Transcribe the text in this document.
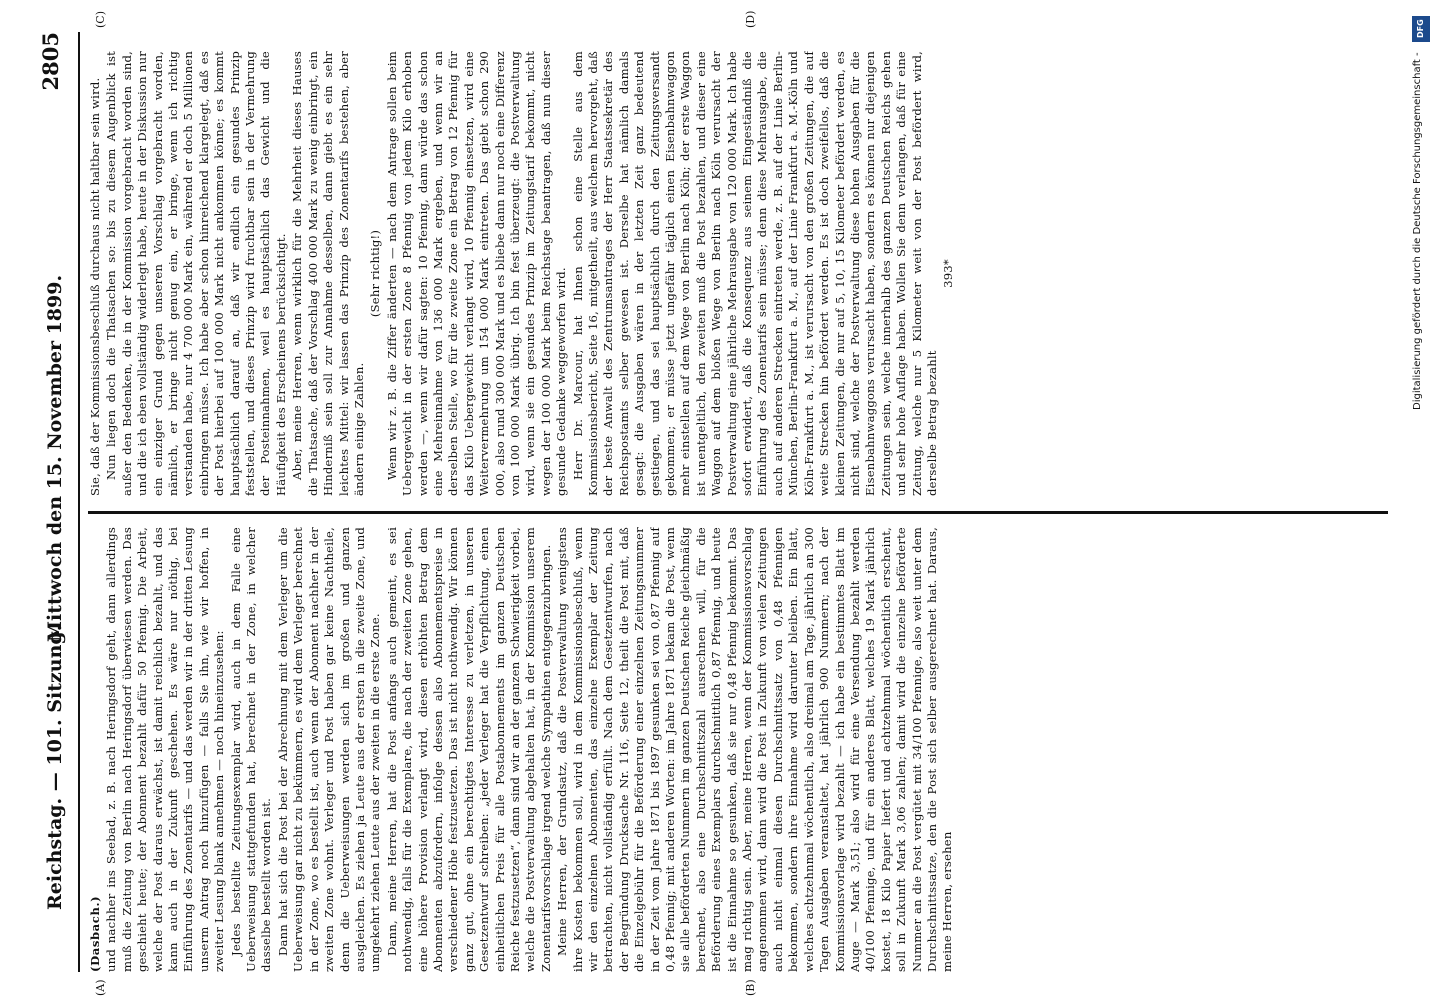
Reichstag. — 101. Sitzung.
Mittwoch den 15. November 1899.
2805

(Dasbach.) und nachher ins Seebad, z. B. nach Heringsdorf geht, dann allerdings muß die Zeitung von Berlin nach Heringsdorf überwiesen werden. Das geschieht heute; der Abonnent bezahlt dafür 50 Pfennig. Die Arbeit, welche der Post daraus erwächst, ist damit reichlich bezahlt, und das kann auch in der Zukunft geschehen. Es wäre nur nöthig, bei Einführung des Zonentarifs — und das werden wir in der dritten Lesung unserm Antrag noch hinzufügen — falls Sie ihn, wie wir hoffen, in zweiter Lesung blank annehmen — noch hineinzusehen: Jedes bestellte Zeitungsexemplar wird, auch in dem Falle eine Ueberweisung stattgefunden hat, berechnet in der Zone, in welcher dasselbe bestellt worden ist. Dann hat sich die Post bei der Abrechnung mit dem Verleger um die Ueberweisung gar nicht zu bekümmern, es wird dem Verleger berechnet in der Zone, wo es bestellt ist, auch wenn der Abonnent nachher in der zweiten Zone wohnt. Verleger und Post haben gar keine Nachtheile, denn die Ueberweisungen werden sich im großen und ganzen ausgleichen. Es ziehen ja Leute aus der ersten in die zweite Zone, und umgekehrt ziehen Leute aus der zweiten in die erste Zone. Dann, meine Herren, hat die Post anfangs auch gemeint, es sei nothwendig, falls für die Exemplare, die nach der zweiten Zone gehen, eine höhere Provision verlangt wird, diesen erhöhten Betrag dem Abonnenten abzufordern, infolge dessen also Abonnementspreise in verschiedener Höhe festzusetzen. Das ist nicht nothwendig. Wir können ganz gut, ohne ein berechtigtes Interesse zu verletzen, in unseren Gesetzentwurf schreiben: „jeder Verleger hat die Verpflichtung, einen einheitlichen Preis für alle Postabonnements im ganzen Deutschen Reiche festzusetzen“, dann sind wir an der ganzen Schwierigkeit vorbei, welche die Postverwaltung abgehalten hat, in der Kommission unserem Zonentarifsvorschlage irgend welche Sympathien entgegenzubringen. Meine Herren, der Grundsatz, daß die Postverwaltung wenigstens ihre Kosten bekommen soll, wird in dem Kommissionsbeschluß, wenn wir den einzelnen Abonnenten, das einzelne Exemplar der Zeitung betrachten, nicht vollständig erfüllt. Nach dem Gesetzentwurfen, nach der Begründung Drucksache Nr. 116, Seite 12, theilt die Post mit, daß die Einzelgebühr für die Beförderung einer einzelnen Zeitungsnummer in der Zeit vom Jahre 1871 bis 1897 gesunken sei von 0,87 Pfennig auf 0,48 Pfennig; mit anderen Worten: im Jahre 1871 bekam die Post, wenn sie alle beförderten Nummern im ganzen Deutschen Reiche gleichmäßig berechnet, also eine Durchschnittszahl ausrechnen will, für die Beförderung eines Exemplars durchschnittlich 0,87 Pfennig, und heute ist die Einnahme so gesunken, daß sie nur 0,48 Pfennig bekommt. Das mag richtig sein. Aber, meine Herren, wenn der Kommissionsvorschlag angenommen wird, dann wird die Post in Zukunft von vielen Zeitungen auch nicht einmal diesen Durchschnittssatz von 0,48 Pfennigen bekommen, sondern ihre Einnahme wird darunter bleiben. Ein Blatt, welches achtzehnmal wöchentlich, also dreimal am Tage, jährlich an 300 Tagen Ausgaben veranstaltet, hat jährlich 900 Nummern; nach der Kommissionsvorlage wird bezahlt — ich habe ein bestimmtes Blatt im Auge — Mark 3,51; also wird für eine Versendung bezahlt werden 40/100 Pfennige, und für ein anderes Blatt, welches 19 Mark jährlich kostet, 18 Kilo Papier liefert und achtzehnmal wöchentlich erscheint, soll in Zukunft Mark 3,06 zahlen; damit wird die einzelne beförderte Nummer an die Post vergütet mit 34/100 Pfennige, also weit unter dem Durchschnittssatze, den die Post sich selber ausgerechnet hat. Daraus, meine Herren, ersehen

Sie, daß der Kommissionsbeschluß durchaus nicht haltbar sein wird. Nun liegen doch die Thatsachen so: bis zu diesem Augenblick ist außer den Bedenken, die in der Kommission vorgebracht worden sind, und die ich eben vollständig widerlegt habe, heute in der Diskussion nur ein einziger Grund gegen unseren Vorschlag vorgebracht worden, nämlich, er bringe nicht genug ein, er bringe, wenn ich richtig verstanden habe, nur 4 700 000 Mark ein, während er doch 5 Millionen einbringen müsse. Ich habe aber schon hinreichend klargelegt, daß es der Post hierbei auf 100 000 Mark nicht ankommen könne; es kommt hauptsächlich darauf an, daß wir endlich ein gesundes Prinzip feststellen, und dieses Prinzip wird fruchtbar sein in der Vermehrung der Posteinnahmen, weil es hauptsächlich das Gewicht und die Häufigkeit des Erscheinens berücksichtigt. Aber, meine Herren, wenn wirklich für die Mehrheit dieses Hauses die Thatsache, daß der Vorschlag 400 000 Mark zu wenig einbringt, ein Hinderniß sein soll zur Annahme desselben, dann giebt es ein sehr leichtes Mittel: wir lassen das Prinzip des Zonentarifs bestehen, aber ändern einige Zahlen.

(Sehr richtig!) Wenn wir z. B. die Ziffer änderten — nach dem Antrage sollen beim Uebergewicht in der ersten Zone 8 Pfennig von jedem Kilo erhoben werden —, wenn wir dafür sagten: 10 Pfennig, dann würde das schon eine Mehreinnahme von 136 000 Mark ergeben, und wenn wir an derselben Stelle, wo für die zweite Zone ein Betrag von 12 Pfennig für das Kilo Uebergewicht verlangt wird, 10 Pfennig einsetzen, wird eine Weitervermehrung um 154 000 Mark eintreten. Das giebt schon 290 000, also rund 300 000 Mark und es bliebe dann nur noch eine Differenz von 100 000 Mark übrig. Ich bin fest überzeugt: die Postverwaltung wird, wenn sie ein gesundes Prinzip im Zeitungstarif bekommt, nicht wegen der 100 000 Mark beim Reichstage beantragen, daß nun dieser gesunde Gedanke weggeworfen wird. Herr Dr. Marcour, hat Ihnen schon eine Stelle aus dem Kommissionsbericht, Seite 16, mitgetheilt, aus welchem hervorgeht, daß der beste Anwalt des Zentrumsantrages der Herr Staatssekretär des Reichspostamts selber gewesen ist. Derselbe hat nämlich damals gesagt: die Ausgaben wären in der letzten Zeit ganz bedeutend gestiegen, und das sei hauptsächlich durch den Zeitungsversandt gekommen; er müsse jetzt ungefähr täglich einen Eisenbahnwaggon mehr einstellen auf dem Wege von Berlin nach Köln; der erste Waggon ist unentgeltlich, den zweiten muß die Post bezahlen, und dieser eine Waggon auf dem bloßen Wege von Berlin nach Köln verursacht der Postverwaltung eine jährliche Mehrausgabe von 120 000 Mark. Ich habe sofort erwidert, daß die Konsequenz aus seinem Eingeständniß die Einführung des Zonentarifs sein müsse; denn diese Mehrausgabe, die auch auf anderen Strecken eintreten werde, z. B. auf der Linie Berlin-München, Berlin-Frankfurt a. M., auf der Linie Frankfurt a. M.-Köln und Köln-Frankfurt a. M., ist verursacht von den großen Zeitungen, die auf weite Strecken hin befördert werden. Es ist doch zweifellos, daß die kleinen Zeitungen, die nur auf 5, 10, 15 Kilometer befördert werden, es nicht sind, welche der Postverwaltung diese hohen Ausgaben für die Eisenbahnwaggons verursacht haben, sondern es können nur diejenigen Zeitungen sein, welche innerhalb des ganzen Deutschen Reichs gehen und sehr hohe Auflage haben. Wollen Sie denn verlangen, daß für eine Zeitung, welche nur 5 Kilometer weit von der Post befördert wird, derselbe Betrag bezahlt

393*

(A)	(B)
(C)	(D)
DFG
Digitalisierung gefördert durch die Deutsche Forschungsgemeinschaft -
